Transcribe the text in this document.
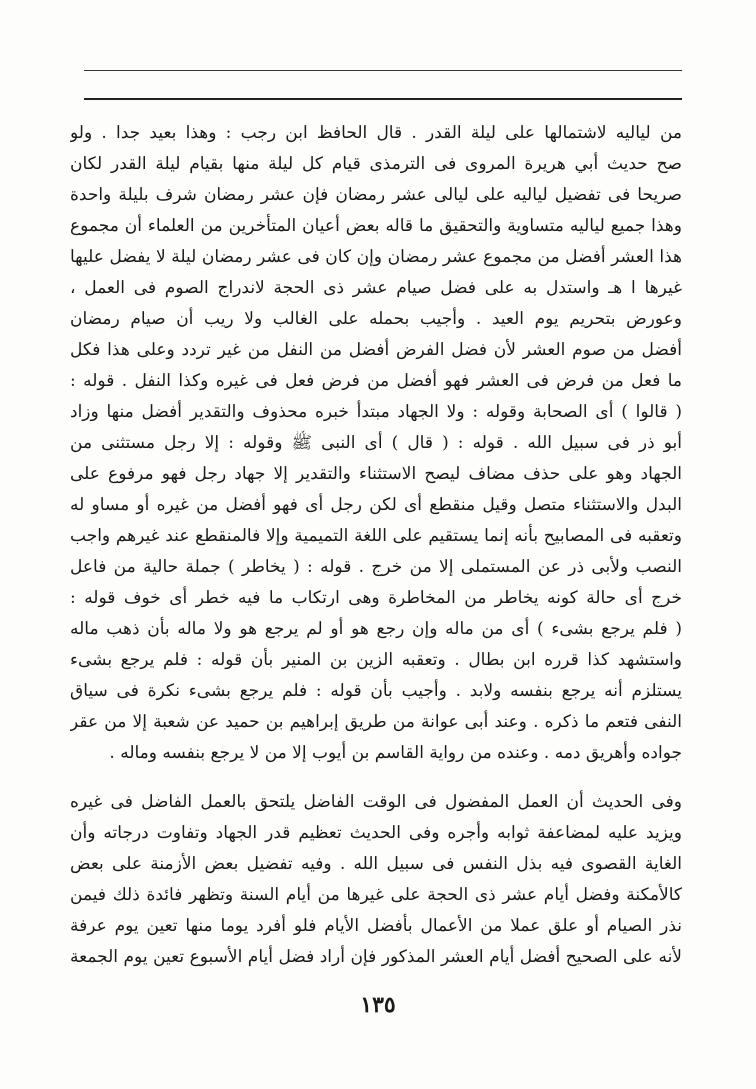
من لياليه لاشتمالها على ليلة القدر . قال الحافظ ابن رجب : وهذا بعيد جدا . ولو
صح حديث أبي هريرة المروى فى الترمذى قيام كل ليلة منها بقيام ليلة القدر لكان
صريحا فى تفضيل لياليه على ليالى عشر رمضان فإن عشر رمضان شرف بليلة واحدة
وهذا جميع لياليه متساوية والتحقيق ما قاله بعض أعيان المتأخرين من العلماء أن مجموع
هذا العشر أفضل من مجموع عشر رمضان وإن كان فى عشر رمضان ليلة لا يفضل عليها
غيرها ا هـ واستدل به على فضل صيام عشر ذى الحجة لاندراج الصوم فى العمل ،
وعورض بتحريم يوم العيد . وأجيب بحمله على الغالب ولا ريب أن صيام رمضان
أفضل من صوم العشر لأن فضل الفرض أفضل من النفل من غير تردد وعلى هذا فكل
ما فعل من فرض فى العشر فهو أفضل من فرض فعل فى غيره وكذا النفل . قوله :
( قالوا ) أى الصحابة وقوله : ولا الجهاد مبتدأ خبره محذوف والتقدير أفضل منها وزاد
أبو ذر فى سبيل الله . قوله : ( قال ) أى النبى ﷺ وقوله : إلا رجل مستثنى من
الجهاد وهو على حذف مضاف ليصح الاستثناء والتقدير إلا جهاد رجل فهو مرفوع على
البدل والاستثناء متصل وقيل منقطع أى لكن رجل أى فهو أفضل من غيره أو مساو له
وتعقبه فى المصابيح بأنه إنما يستقيم على اللغة التميمية وإلا فالمنقطع عند غيرهم واجب
النصب ولأبى ذر عن المستملى إلا من خرج . قوله : ( يخاطر ) جملة حالية من فاعل
خرج أى حالة كونه يخاطر من المخاطرة وهى ارتكاب ما فيه خطر أى خوف قوله :
( فلم يرجع بشىء ) أى من ماله وإن رجع هو أو لم يرجع هو ولا ماله بأن ذهب ماله
واستشهد كذا قرره ابن بطال . وتعقبه الزين بن المنير بأن قوله : فلم يرجع بشىء
يستلزم أنه يرجع بنفسه ولابد . وأجيب بأن قوله : فلم يرجع بشىء نكرة فى سياق
النفى فتعم ما ذكره . وعند أبى عوانة من طريق إبراهيم بن حميد عن شعبة إلا من عقر
جواده وأهريق دمه . وعنده من رواية القاسم بن أيوب إلا من لا يرجع بنفسه وماله .
وفى الحديث أن العمل المفضول فى الوقت الفاضل يلتحق بالعمل الفاضل فى غيره
ويزيد عليه لمضاعفة ثوابه وأجره وفى الحديث تعظيم قدر الجهاد وتفاوت درجاته وأن
الغاية القصوى فيه بذل النفس فى سبيل الله . وفيه تفضيل بعض الأزمنة على بعض
كالأمكنة وفضل أيام عشر ذى الحجة على غيرها من أيام السنة وتظهر فائدة ذلك فيمن
نذر الصيام أو علق عملا من الأعمال بأفضل الأيام فلو أفرد يوما منها تعين يوم عرفة
لأنه على الصحيح أفضل أيام العشر المذكور فإن أراد فضل أيام الأسبوع تعين يوم الجمعة
١٣٥
